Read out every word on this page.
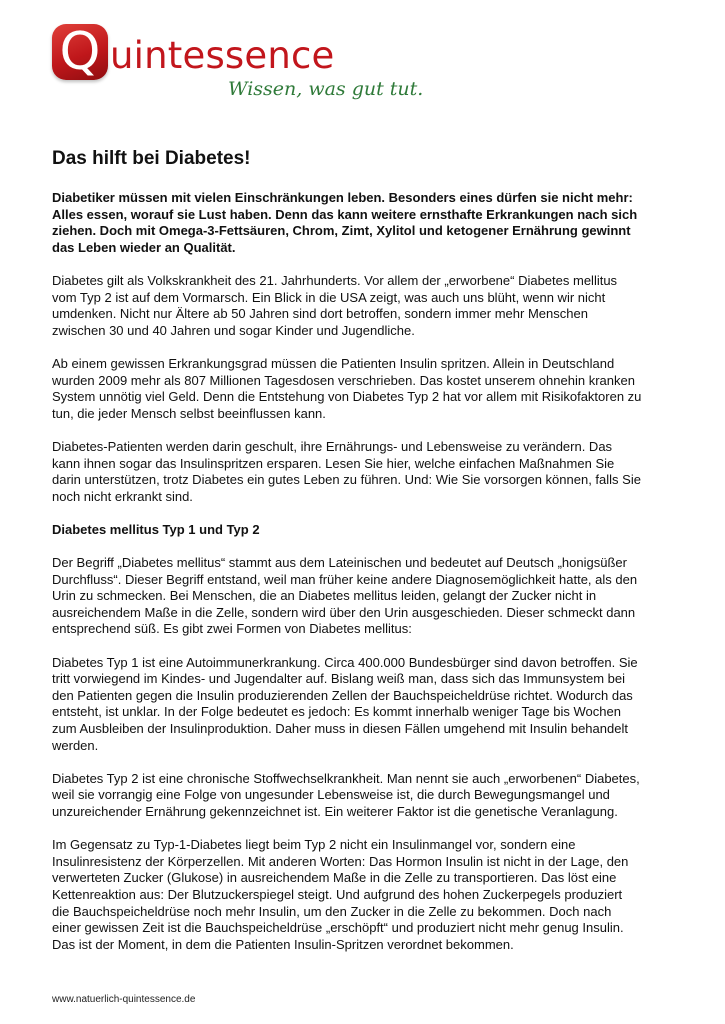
Q uintessence
Wissen, was gut tut.
Das hilft bei Diabetes!

Diabetiker müssen mit vielen Einschränkungen leben. Besonders eines dürfen sie nicht mehr: Alles essen, worauf sie Lust haben. Denn das kann weitere ernsthafte Erkrankungen nach sich ziehen. Doch mit Omega-3-Fettsäuren, Chrom, Zimt, Xylitol und ketogener Ernährung gewinnt das Leben wieder an Qualität.

Diabetes gilt als Volkskrankheit des 21. Jahrhunderts. Vor allem der „erworbene“ Diabetes mellitus vom Typ 2 ist auf dem Vormarsch. Ein Blick in die USA zeigt, was auch uns blüht, wenn wir nicht umdenken. Nicht nur Ältere ab 50 Jahren sind dort betroffen, sondern immer mehr Menschen zwischen 30 und 40 Jahren und sogar Kinder und Jugendliche.

Ab einem gewissen Erkrankungsgrad müssen die Patienten Insulin spritzen. Allein in Deutschland wurden 2009 mehr als 807 Millionen Tagesdosen verschrieben. Das kostet unserem ohnehin kranken System unnötig viel Geld. Denn die Entstehung von Diabetes Typ 2 hat vor allem mit Risikofaktoren zu tun, die jeder Mensch selbst beeinflussen kann.

Diabetes-Patienten werden darin geschult, ihre Ernährungs- und Lebensweise zu verändern. Das kann ihnen sogar das Insulinspritzen ersparen. Lesen Sie hier, welche einfachen Maßnahmen Sie darin unterstützen, trotz Diabetes ein gutes Leben zu führen. Und: Wie Sie vorsorgen können, falls Sie noch nicht erkrankt sind.

Diabetes mellitus Typ 1 und Typ 2

Der Begriff „Diabetes mellitus“ stammt aus dem Lateinischen und bedeutet auf Deutsch „honigsüßer Durchfluss“. Dieser Begriff entstand, weil man früher keine andere Diagnosemöglichkeit hatte, als den Urin zu schmecken. Bei Menschen, die an Diabetes mellitus leiden, gelangt der Zucker nicht in ausreichendem Maße in die Zelle, sondern wird über den Urin ausgeschieden. Dieser schmeckt dann entsprechend süß. Es gibt zwei Formen von Diabetes mellitus:

Diabetes Typ 1 ist eine Autoimmunerkrankung. Circa 400.000 Bundesbürger sind davon betroffen. Sie tritt vorwiegend im Kindes- und Jugendalter auf. Bislang weiß man, dass sich das Immunsystem bei den Patienten gegen die Insulin produzierenden Zellen der Bauchspeicheldrüse richtet. Wodurch das entsteht, ist unklar. In der Folge bedeutet es jedoch: Es kommt innerhalb weniger Tage bis Wochen zum Ausbleiben der Insulinproduktion. Daher muss in diesen Fällen umgehend mit Insulin behandelt werden.

Diabetes Typ 2 ist eine chronische Stoffwechselkrankheit. Man nennt sie auch „erworbenen“ Diabetes, weil sie vorrangig eine Folge von ungesunder Lebensweise ist, die durch Bewegungsmangel und unzureichender Ernährung gekennzeichnet ist. Ein weiterer Faktor ist die genetische Veranlagung.

Im Gegensatz zu Typ-1-Diabetes liegt beim Typ 2 nicht ein Insulinmangel vor, sondern eine Insulinresistenz der Körperzellen. Mit anderen Worten: Das Hormon Insulin ist nicht in der Lage, den verwerteten Zucker (Glukose) in ausreichendem Maße in die Zelle zu transportieren. Das löst eine Kettenreaktion aus: Der Blutzuckerspiegel steigt. Und aufgrund des hohen Zuckerpegels produziert die Bauchspeicheldrüse noch mehr Insulin, um den Zucker in die Zelle zu bekommen. Doch nach einer gewissen Zeit ist die Bauchspeicheldrüse „erschöpft“ und produziert nicht mehr genug Insulin. Das ist der Moment, in dem die Patienten Insulin-Spritzen verordnet bekommen.

www.natuerlich-quintessence.de
